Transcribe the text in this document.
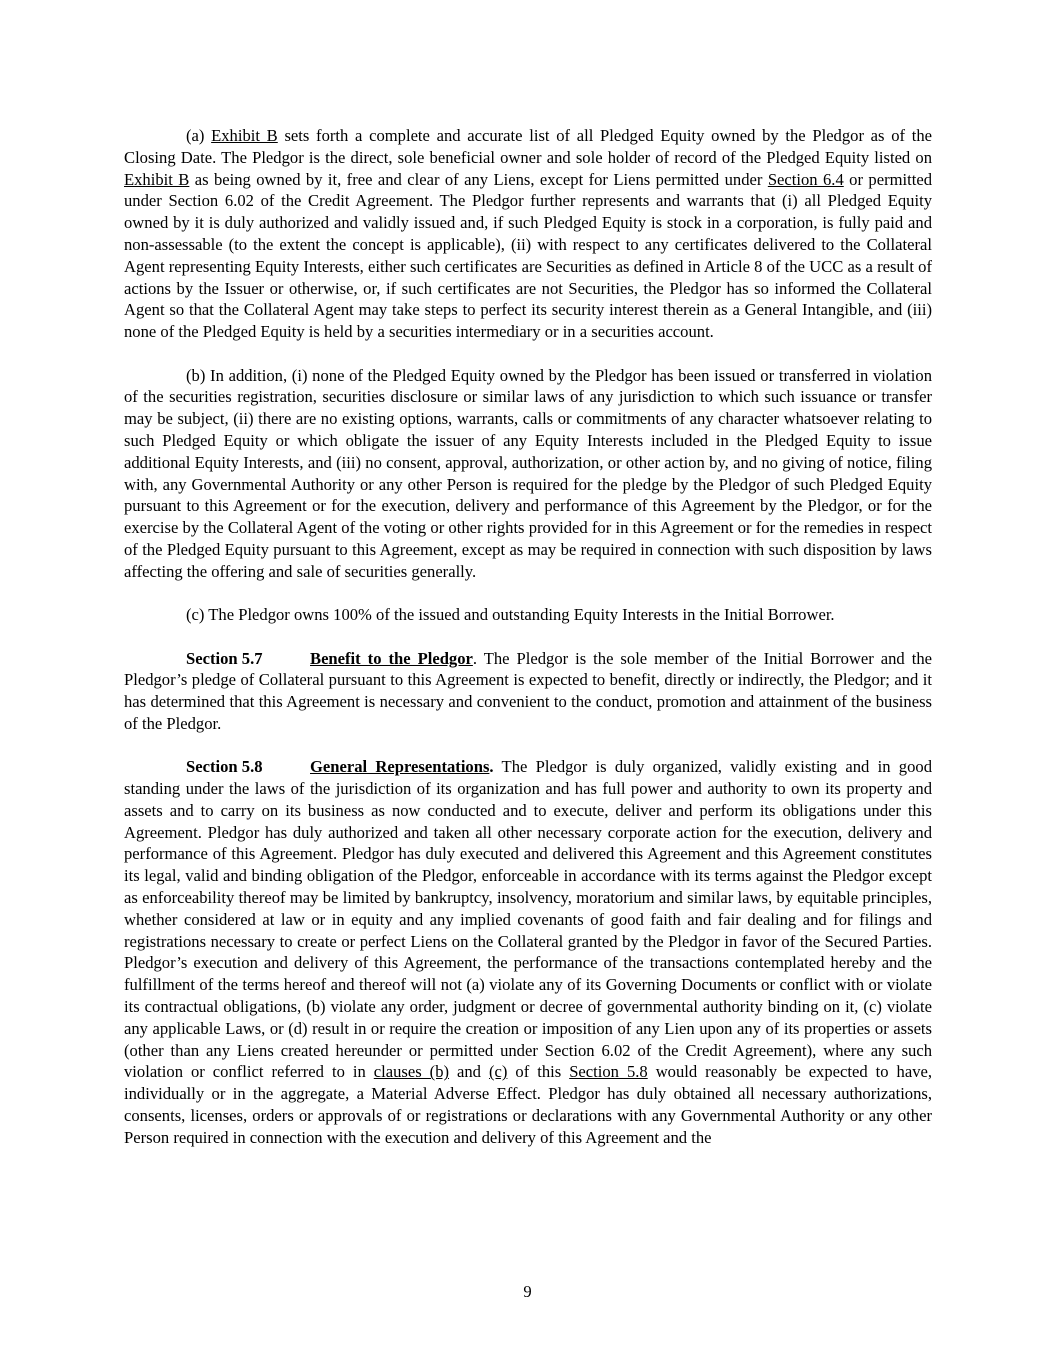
(a) Exhibit B sets forth a complete and accurate list of all Pledged Equity owned by the Pledgor as of the Closing Date. The Pledgor is the direct, sole beneficial owner and sole holder of record of the Pledged Equity listed on Exhibit B as being owned by it, free and clear of any Liens, except for Liens permitted under Section 6.4 or permitted under Section 6.02 of the Credit Agreement. The Pledgor further represents and warrants that (i) all Pledged Equity owned by it is duly authorized and validly issued and, if such Pledged Equity is stock in a corporation, is fully paid and non-assessable (to the extent the concept is applicable), (ii) with respect to any certificates delivered to the Collateral Agent representing Equity Interests, either such certificates are Securities as defined in Article 8 of the UCC as a result of actions by the Issuer or otherwise, or, if such certificates are not Securities, the Pledgor has so informed the Collateral Agent so that the Collateral Agent may take steps to perfect its security interest therein as a General Intangible, and (iii) none of the Pledged Equity is held by a securities intermediary or in a securities account.

(b) In addition, (i) none of the Pledged Equity owned by the Pledgor has been issued or transferred in violation of the securities registration, securities disclosure or similar laws of any jurisdiction to which such issuance or transfer may be subject, (ii) there are no existing options, warrants, calls or commitments of any character whatsoever relating to such Pledged Equity or which obligate the issuer of any Equity Interests included in the Pledged Equity to issue additional Equity Interests, and (iii) no consent, approval, authorization, or other action by, and no giving of notice, filing with, any Governmental Authority or any other Person is required for the pledge by the Pledgor of such Pledged Equity pursuant to this Agreement or for the execution, delivery and performance of this Agreement by the Pledgor, or for the exercise by the Collateral Agent of the voting or other rights provided for in this Agreement or for the remedies in respect of the Pledged Equity pursuant to this Agreement, except as may be required in connection with such disposition by laws affecting the offering and sale of securities generally.

(c) The Pledgor owns 100% of the issued and outstanding Equity Interests in the Initial Borrower.

Section 5.7	Benefit to the Pledgor. The Pledgor is the sole member of the Initial Borrower and the Pledgor’s pledge of Collateral pursuant to this Agreement is expected to benefit, directly or indirectly, the Pledgor; and it has determined that this Agreement is necessary and convenient to the conduct, promotion and attainment of the business of the Pledgor.

Section 5.8	General Representations. The Pledgor is duly organized, validly existing and in good standing under the laws of the jurisdiction of its organization and has full power and authority to own its property and assets and to carry on its business as now conducted and to execute, deliver and perform its obligations under this Agreement. Pledgor has duly authorized and taken all other necessary corporate action for the execution, delivery and performance of this Agreement. Pledgor has duly executed and delivered this Agreement and this Agreement constitutes its legal, valid and binding obligation of the Pledgor, enforceable in accordance with its terms against the Pledgor except as enforceability thereof may be limited by bankruptcy, insolvency, moratorium and similar laws, by equitable principles, whether considered at law or in equity and any implied covenants of good faith and fair dealing and for filings and registrations necessary to create or perfect Liens on the Collateral granted by the Pledgor in favor of the Secured Parties. Pledgor’s execution and delivery of this Agreement, the performance of the transactions contemplated hereby and the fulfillment of the terms hereof and thereof will not (a) violate any of its Governing Documents or conflict with or violate its contractual obligations, (b) violate any order, judgment or decree of governmental authority binding on it, (c) violate any applicable Laws, or (d) result in or require the creation or imposition of any Lien upon any of its properties or assets (other than any Liens created hereunder or permitted under Section 6.02 of the Credit Agreement), where any such violation or conflict referred to in clauses (b) and (c) of this Section 5.8 would reasonably be expected to have, individually or in the aggregate, a Material Adverse Effect. Pledgor has duly obtained all necessary authorizations, consents, licenses, orders or approvals of or registrations or declarations with any Governmental Authority or any other Person required in connection with the execution and delivery of this Agreement and the

9
